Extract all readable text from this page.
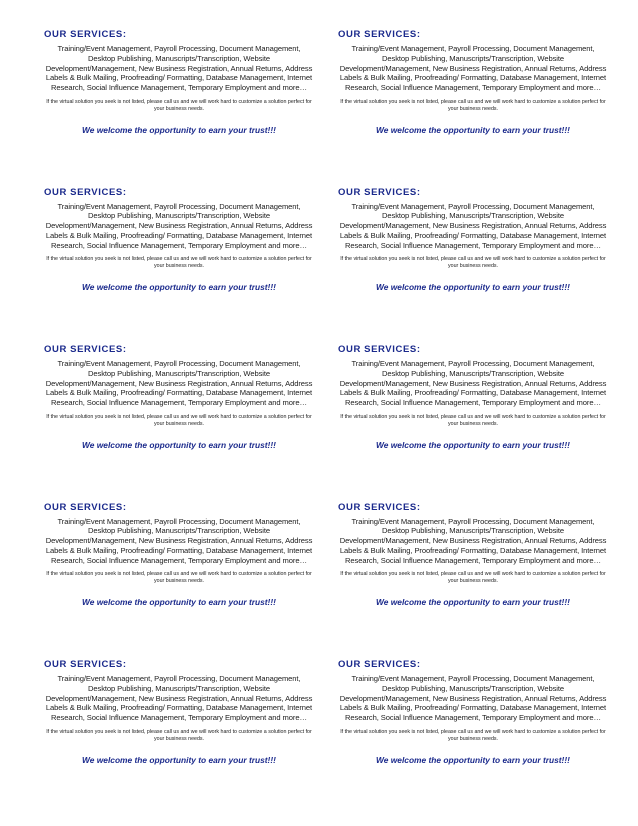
OUR SERVICES:

Training/Event Management, Payroll Processing, Document Management, Desktop Publishing, Manuscripts/Transcription, Website Development/Management, New Business Registration, Annual Returns, Address Labels & Bulk Mailing, Proofreading/ Formatting, Database Management, Internet Research, Social Influence Management, Temporary Employment and more…

If the virtual solution you seek is not listed, please call us and we will work hard to customize a solution perfect for your business needs.

We welcome the opportunity to earn your trust!!!

OUR SERVICES:

Training/Event Management, Payroll Processing, Document Management, Desktop Publishing, Manuscripts/Transcription, Website Development/Management, New Business Registration, Annual Returns, Address Labels & Bulk Mailing, Proofreading/ Formatting, Database Management, Internet Research, Social Influence Management, Temporary Employment and more…

If the virtual solution you seek is not listed, please call us and we will work hard to customize a solution perfect for your business needs.

We welcome the opportunity to earn your trust!!!

OUR SERVICES:

Training/Event Management, Payroll Processing, Document Management, Desktop Publishing, Manuscripts/Transcription, Website Development/Management, New Business Registration, Annual Returns, Address Labels & Bulk Mailing, Proofreading/ Formatting, Database Management, Internet Research, Social Influence Management, Temporary Employment and more…

If the virtual solution you seek is not listed, please call us and we will work hard to customize a solution perfect for your business needs.

We welcome the opportunity to earn your trust!!!

OUR SERVICES:

Training/Event Management, Payroll Processing, Document Management, Desktop Publishing, Manuscripts/Transcription, Website Development/Management, New Business Registration, Annual Returns, Address Labels & Bulk Mailing, Proofreading/ Formatting, Database Management, Internet Research, Social Influence Management, Temporary Employment and more…

If the virtual solution you seek is not listed, please call us and we will work hard to customize a solution perfect for your business needs.

We welcome the opportunity to earn your trust!!!

OUR SERVICES:

Training/Event Management, Payroll Processing, Document Management, Desktop Publishing, Manuscripts/Transcription, Website Development/Management, New Business Registration, Annual Returns, Address Labels & Bulk Mailing, Proofreading/ Formatting, Database Management, Internet Research, Social Influence Management, Temporary Employment and more…

If the virtual solution you seek is not listed, please call us and we will work hard to customize a solution perfect for your business needs.

We welcome the opportunity to earn your trust!!!

OUR SERVICES:

Training/Event Management, Payroll Processing, Document Management, Desktop Publishing, Manuscripts/Transcription, Website Development/Management, New Business Registration, Annual Returns, Address Labels & Bulk Mailing, Proofreading/ Formatting, Database Management, Internet Research, Social Influence Management, Temporary Employment and more…

If the virtual solution you seek is not listed, please call us and we will work hard to customize a solution perfect for your business needs.

We welcome the opportunity to earn your trust!!!

OUR SERVICES:

Training/Event Management, Payroll Processing, Document Management, Desktop Publishing, Manuscripts/Transcription, Website Development/Management, New Business Registration, Annual Returns, Address Labels & Bulk Mailing, Proofreading/ Formatting, Database Management, Internet Research, Social Influence Management, Temporary Employment and more…

If the virtual solution you seek is not listed, please call us and we will work hard to customize a solution perfect for your business needs.

We welcome the opportunity to earn your trust!!!

OUR SERVICES:

Training/Event Management, Payroll Processing, Document Management, Desktop Publishing, Manuscripts/Transcription, Website Development/Management, New Business Registration, Annual Returns, Address Labels & Bulk Mailing, Proofreading/ Formatting, Database Management, Internet Research, Social Influence Management, Temporary Employment and more…

If the virtual solution you seek is not listed, please call us and we will work hard to customize a solution perfect for your business needs.

We welcome the opportunity to earn your trust!!!

OUR SERVICES:

Training/Event Management, Payroll Processing, Document Management, Desktop Publishing, Manuscripts/Transcription, Website Development/Management, New Business Registration, Annual Returns, Address Labels & Bulk Mailing, Proofreading/ Formatting, Database Management, Internet Research, Social Influence Management, Temporary Employment and more…

If the virtual solution you seek is not listed, please call us and we will work hard to customize a solution perfect for your business needs.

We welcome the opportunity to earn your trust!!!

OUR SERVICES:

Training/Event Management, Payroll Processing, Document Management, Desktop Publishing, Manuscripts/Transcription, Website Development/Management, New Business Registration, Annual Returns, Address Labels & Bulk Mailing, Proofreading/ Formatting, Database Management, Internet Research, Social Influence Management, Temporary Employment and more…

If the virtual solution you seek is not listed, please call us and we will work hard to customize a solution perfect for your business needs.

We welcome the opportunity to earn your trust!!!
